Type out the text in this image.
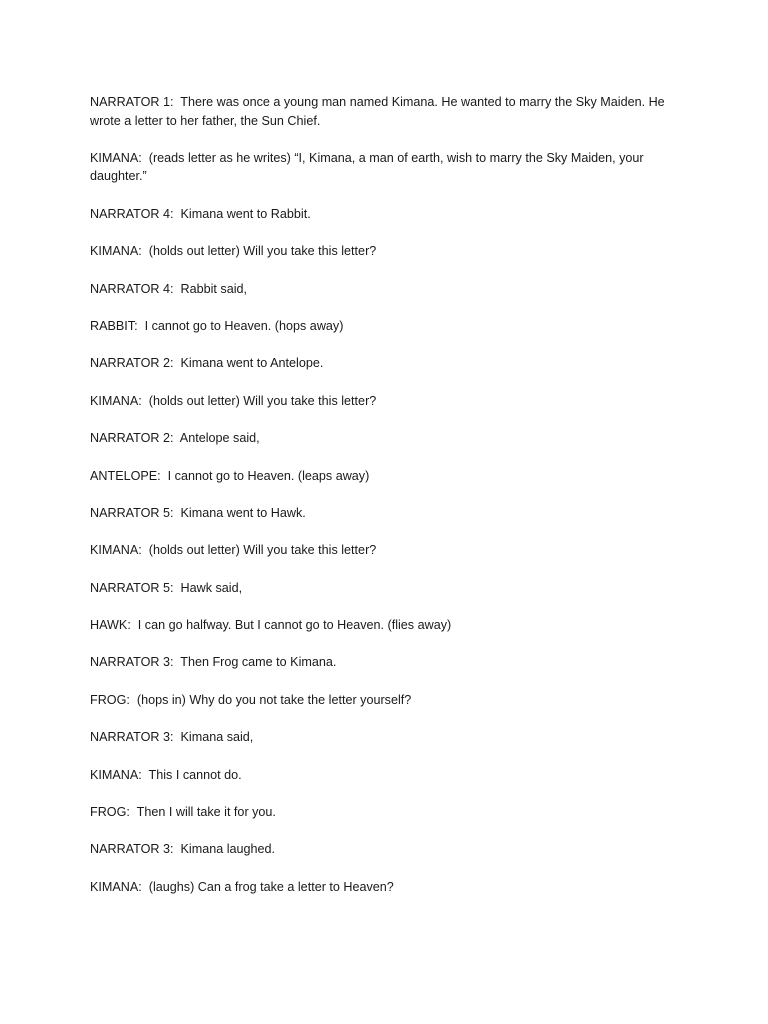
NARRATOR 1:  There was once a young man named Kimana. He wanted to marry the Sky Maiden. He wrote a letter to her father, the Sun Chief.

KIMANA:  (reads letter as he writes) “I, Kimana, a man of earth, wish to marry the Sky Maiden, your daughter.”

NARRATOR 4:  Kimana went to Rabbit.

KIMANA:  (holds out letter) Will you take this letter?

NARRATOR 4:  Rabbit said,

RABBIT:  I cannot go to Heaven. (hops away)

NARRATOR 2:  Kimana went to Antelope.

KIMANA:  (holds out letter) Will you take this letter?

NARRATOR 2:  Antelope said,

ANTELOPE:  I cannot go to Heaven. (leaps away)

NARRATOR 5:  Kimana went to Hawk.

KIMANA:  (holds out letter) Will you take this letter?

NARRATOR 5:  Hawk said,

HAWK:  I can go halfway. But I cannot go to Heaven. (flies away)

NARRATOR 3:  Then Frog came to Kimana.

FROG:  (hops in) Why do you not take the letter yourself?

NARRATOR 3:  Kimana said,

KIMANA:  This I cannot do.

FROG:  Then I will take it for you.

NARRATOR 3:  Kimana laughed.

KIMANA:  (laughs) Can a frog take a letter to Heaven?
